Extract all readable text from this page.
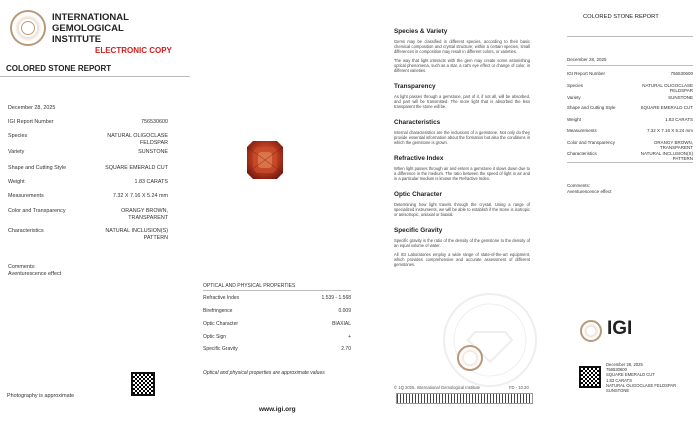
INTERNATIONAL
GEMOLOGICAL
INSTITUTE
ELECTRONIC COPY
COLORED STONE REPORT
December 28, 2025
IGI Report Number	756530600
Species	NATURAL OLIGOCLASE FELDSPAR
Variety	SUNSTONE
Shape and Cutting Style	SQUARE EMERALD CUT
Weight	1.83 CARATS
Measurements	7.32 X 7.16 X 5.24 mm
Color and Transparency	ORANGY BROWN, TRANSPARENT
Characteristics	NATURAL INCLUSION(S) PATTERN
Comments:
Aventurescence effect
Photography is approximate
OPTICAL AND PHYSICAL PROPERTIES
Refractive Index	1.539 - 1.568
Birefringence	0.009
Optic Character	BIAXIAL
Optic Sign	+
Specific Gravity	2.70
Optical and physical properties are approximate values
www.igi.org
Species & Variety
Gems may be classified in different species, according to their basic chemical composition and crystal structure; within a certain species, small differences in composition may result in different colors, or varieties.
The way that light interacts with the gem may create some astonishing optical phenomena, such as a star, a cat's eye effect or change of color, in different varieties.
Transparency
As light passes through a gemstone, part of it, if not all, will be absorbed, and part will be transmitted. The more light that is absorbed the less transparent the stone will be.
Characteristics
Internal characteristics are the inclusions of a gemstone. Not only do they provide essential information about the formation but also the conditions in which the gemstone is grown.
Refractive Index
When light passes through air and enters a gemstone it slows down due to a difference in the medium. The ratio between the speed of light in air and in a particular medium is known the Refractive Index.
Optic Character
Determining how light travels through the crystal. Using a range of specialized instruments, we will be able to establish if the stone is isotropic or anisotropic, uniaxial or biaxial.
Specific Gravity
Specific gravity is the ratio of the density of the gemstone to the density of an equal volume of water.
All IGI Laboratories employ a wide range of state-of-the-art equipment, which provides comprehensive and accurate assessment of different gemstones.
© 1Q 2025, International Gemological Institute	FD - 10.20
COLORED STONE REPORT
December 28, 2025
IGI Report Number	756530600
Species	NATURAL OLIGOCLASE FELDSPAR
Variety	SUNSTONE
Shape and Cutting Style	SQUARE EMERALD CUT
Weight	1.83 CARATS
Measurements	7.32 X 7.16 X 5.24 mm
Color and Transparency	ORANGY BROWN, TRANSPARENT
Characteristics	NATURAL INCLUSION(S) PATTERN
Comments:
Aventurescence effect
IGI
December 28, 2025
756530600
SQUARE EMERALD CUT
1.83 CARATS
NATURAL OLIGOCLASE FELDSPAR
SUNSTONE
